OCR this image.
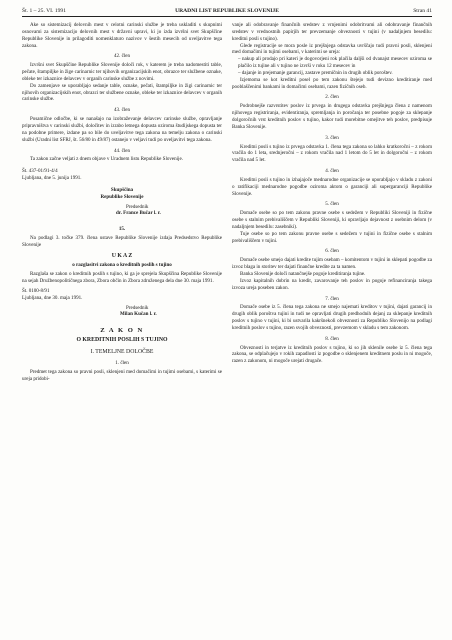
Št. 1 – 25. VI. 1991	URADNI LIST REPUBLIKE SLOVENIJE	Stran 41

Ake so sistemizacij delovnih mest v celotni carinski službe je treba uskladiti s skupnimi osnovami za sistemizacijo delovnih mest v državni upravi, ki jo izda izvršni svet Skupščine Republike Slovenije in prilagoditi nomenklaturo nazivov v šestih mesecih od uveljavitve tega zakona.

42. člen

Izvršni svet Skupščine Republike Slovenije določi rok, v katerem je treba nadomestiti table, pečate, štampiljke in žige carinarnic ter njihovih organizacijskih enot, obrazce ter službene oznake, oblekе ter izkaznice delavcev v organih carinske službe z novimi.

Do zamenjave se uporabljajo sedanje table, oznake, pečati, štampiljke in žigi carinarnic ter njihovih organizacijskih enot, obrazci ter službene oznake, obleke ter izkaznice delavcev v organih carinske službe.

43. člen

Posamične odločbe, ki se nanašajo na izobraževanje delavcev carinske službe, opravljanje pripravništva v carinski službi, določitev in izrabo letnega dopusta oziroma študijskega dopusta ter na podobne primere, izdane pa so bile do uveljavitve tega zakona na temelju zakona o carinski službi (Uradni list SFRJ, št. 56/80 in 49/87) ostanejo v veljavi tudi po uveljavitvi tega zakona.

44. člen

Ta zakon začne veljati z dnem objave v Uradnem listu Republike Slovenije.

Št. 437-01/91-4/4

Ljubljana, dne 5. junija 1991.

Skupščina

Republike Slovenije

Predsednik

dr. France Bučar l. r.

15.

Na podlagi 3. točke 379. člena ustave Republike Slovenije izdaja Predsedstvo Republike Slovenije

U K A Z

o razglasitvi zakona o kreditnih poslih s tujino

Razglaša se zakon o kreditnih poslih s tujino, ki ga je sprejela Skupščina Republike Slovenije na sejah Družbenopolitičnega zbora, Zbora občin in Zbora združenega dela dne 30. maja 1991.

Št. 0100-8/91

Ljubljana, dne 30. maja 1991.

Predsednik

Milan Kučan l. r.

Z A K O N

O KREDITNIH POSLIH S TUJINO

I. TEMELJNE DOLOČBE

1. člen

Predmet tega zakona so pravni posli, sklenjeni med domačimi in tujimi osebami, s katerimi se ureja pridobi-

vanje ali odobravanje finančnih sredstev z vrnjenimi odobritvami ali odobravanje finančnih sredstev v vrednostnih papirjih ter prevzemanje obveznosti v tujini (v nadaljnjem besedilu: kreditni posli s tujino).

Glede registracije se mora posle iz prejšnjega odstavka uvrščajo tudi pravni posli, sklenjeni med domačimi in tujimi osebami, v katerimi se ureja:

– nakup ali prodajo pri kateri je dogovorjeni rok plačila daljši od dvanajst mesecev oziroma se plačilo iz tujine ali v tujino ne izvrši v roku 12 mesecev in

– dajanje in prejemanje garancij, zastave premičnin in drugih oblik poroštev.

Izjemoma se kot kreditni posel po tem zakonu štejejo tudi devizno kreditiranje med pooblaščenimi bankami in domačimi osebami, razen fizičnih oseb.

2. člen

Podrobnejše razvrstitev poslov iz prvega in drugega odstavka prejšnjega člena z namenom njihovega registriranja, evidentiranja, spremljanja in poročanja ter posebne pogoje za sklepanje dolgoročnih vrst kreditnih poslov s tujino, kakor tudi morebitne omejitve teh poslov, predpisuje Banka Slovenije.

3. člen

Kreditni posli s tujino iz prvega odstavka 1. člena tega zakona so lahko kratkoročni – z rokom vračila do 1 leta, srednjeročni – z rokom vračila nad 1 letom do 5 let in dolgoročni – z rokom vračila nad 5 let.

4. člen

Kreditni posli s tujino in izhajajoče mednarodne organizacije se uporabljajo v skladu z zakoni o ratifikaciji mednarodne pogodbe oziroma aktom o garanciji ali supergaranciji Republike Slovenije.

5. člen

Domače osebe so po tem zakonu pravne osebe s sedežem v Republiki Sloveniji in fizične osebe s stalnim prebivališčem v Republiki Sloveniji, ki opravljajo dejavnost z osebnim delom (v nadaljnjem besedilu: zasebniki).

Tuje osebe so po tem zakonu pravne osebe s sedežem v tujini in fizične osebe s stalnim prebivališčem v tujini.

6. člen

Domače osebe smejo dajati kredite tujim osebam – komitentom v tujini in sklepati pogodbe za izvoz blaga in storitev ter dajati finančne kredite za ta namen.

Banka Slovenije določi natančnejše pogoje kreditiranja tujine.

Izvoz kapitalnih dobrin na kredit, zavarovanje teh poslov in pogoje refinanciranja takega izvoza ureja poseben zakon.

7. člen

Domače osebe iz 5. člena tega zakona ne smejo najemati kreditov v tujini, dajati garancij in drugih oblik poroštva tujini in tudi ne opravljati drugih predhodnih dejanj za sklepanje kreditnih poslov s tujino v tujini, ki bi ustvarila kakršnekoli obveznosti za Republiko Slovenijo na podlagi kreditnih poslov s tujino, razen svojih obveznosti, prevzemom v skladu s tem zakonom.

8. člen

Obveznosti in terjatve iz kreditnih poslov s tujino, ki so jih sklenile osebe iz 5. člena tega zakona, se odplačujejo v rokih zapadlosti iz pogodbe o sklenjenem kreditnem poslu in ni mogoče, razen z zakonom, ni mogoče urejati drugače.
